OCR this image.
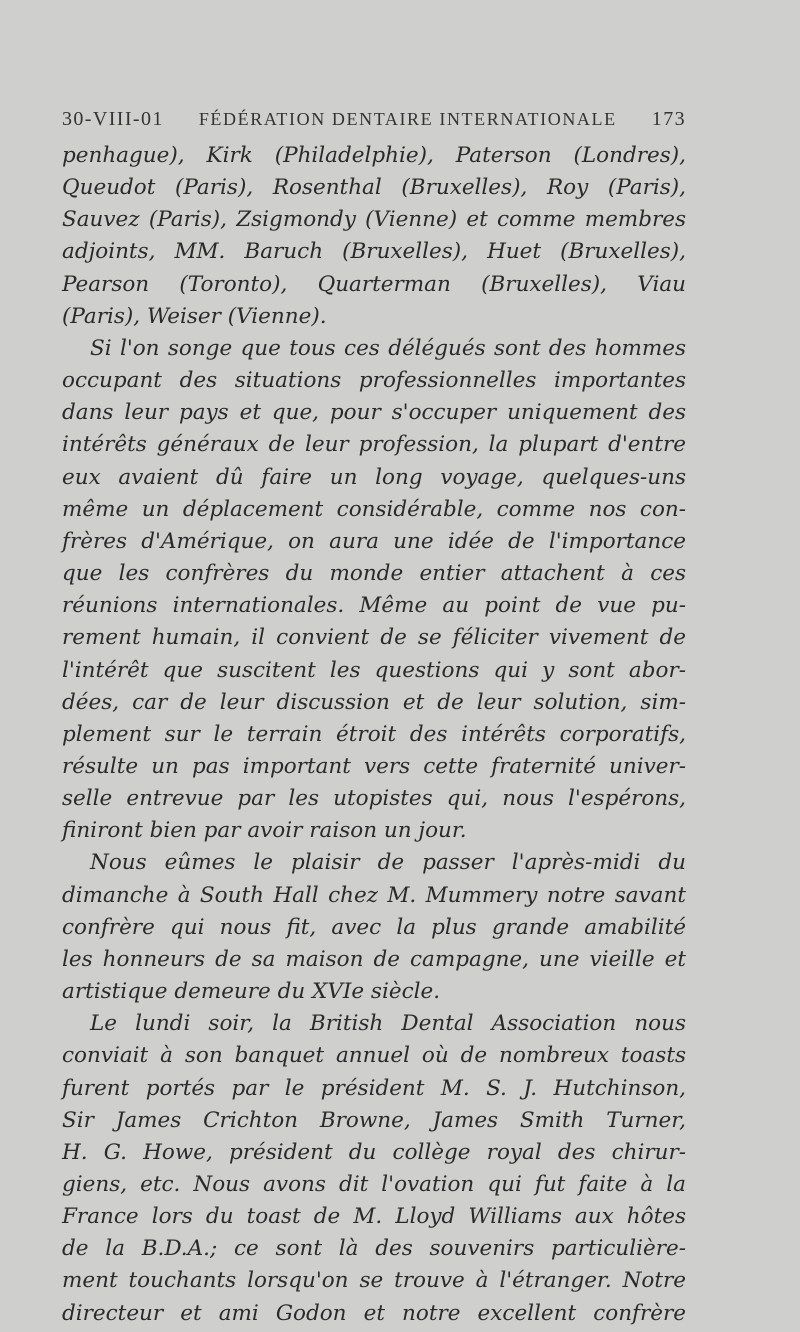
30-VIII-01 FÉDÉRATION DENTAIRE INTERNATIONALE 173
penhague), Kirk (Philadelphie), Paterson (Londres),
Queudot (Paris), Rosenthal (Bruxelles), Roy (Paris),
Sauvez (Paris), Zsigmondy (Vienne) et comme membres
adjoints, MM. Baruch (Bruxelles), Huet (Bruxelles),
Pearson (Toronto), Quarterman (Bruxelles), Viau
(Paris), Weiser (Vienne).
Si l'on songe que tous ces délégués sont des hommes
occupant des situations professionnelles importantes
dans leur pays et que, pour s'occuper uniquement des
intérêts généraux de leur profession, la plupart d'entre
eux avaient dû faire un long voyage, quelques-uns
même un déplacement considérable, comme nos con-
frères d'Amérique, on aura une idée de l'importance
que les confrères du monde entier attachent à ces
réunions internationales. Même au point de vue pu-
rement humain, il convient de se féliciter vivement de
l'intérêt que suscitent les questions qui y sont abor-
dées, car de leur discussion et de leur solution, sim-
plement sur le terrain étroit des intérêts corporatifs,
résulte un pas important vers cette fraternité univer-
selle entrevue par les utopistes qui, nous l'espérons,
finiront bien par avoir raison un jour.
Nous eûmes le plaisir de passer l'après-midi du
dimanche à South Hall chez M. Mummery notre savant
confrère qui nous fit, avec la plus grande amabilité
les honneurs de sa maison de campagne, une vieille et
artistique demeure du XVIe siècle.
Le lundi soir, la British Dental Association nous
conviait à son banquet annuel où de nombreux toasts
furent portés par le président M. S. J. Hutchinson,
Sir James Crichton Browne, James Smith Turner,
H. G. Howe, président du collège royal des chirur-
giens, etc. Nous avons dit l'ovation qui fut faite à la
France lors du toast de M. Lloyd Williams aux hôtes
de la B.D.A.; ce sont là des souvenirs particulière-
ment touchants lorsqu'on se trouve à l'étranger. Notre
directeur et ami Godon et notre excellent confrère
